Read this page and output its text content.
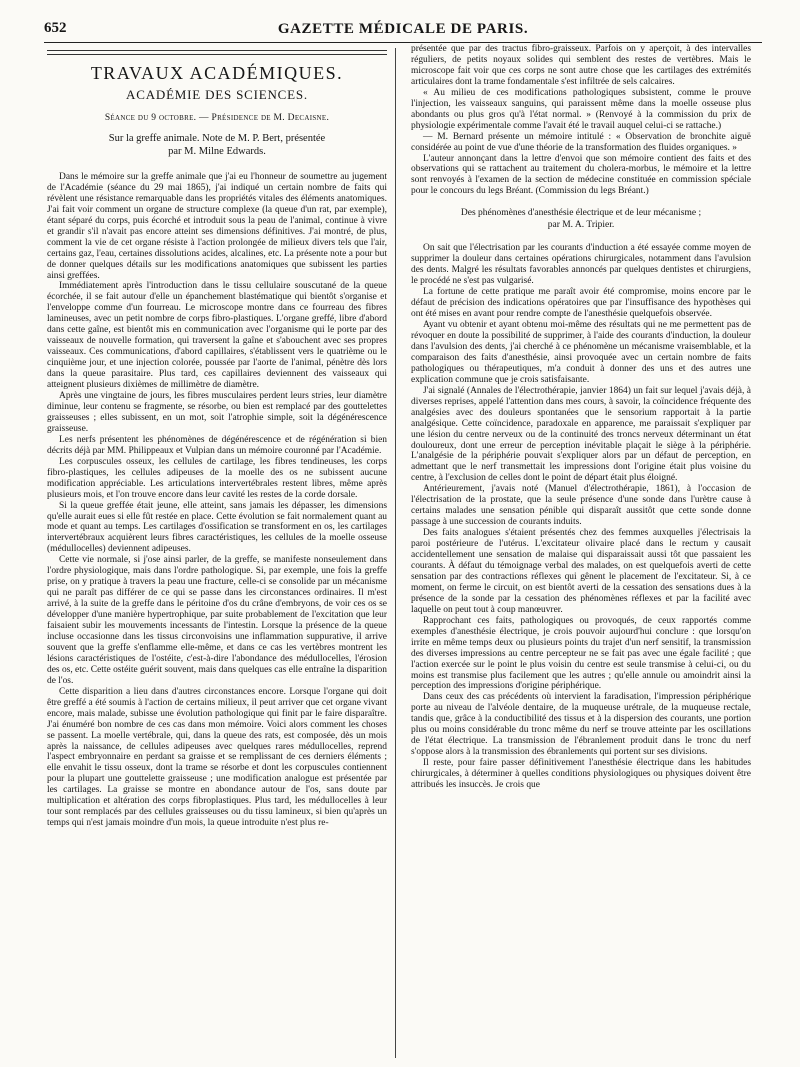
652	GAZETTE MÉDICALE DE PARIS.
TRAVAUX ACADÉMIQUES.
ACADÉMIE DES SCIENCES.
Séance du 9 octobre. — Présidence de M. Decaisne.
Sur la greffe animale. Note de M. P. Bert, présentée
par M. Milne Edwards.

Dans le mémoire sur la greffe animale que j'ai eu l'honneur de soumettre au jugement de l'Académie (séance du 29 mai 1865), j'ai indiqué un certain nombre de faits qui révèlent une résistance remarquable dans les propriétés vitales des éléments anatomiques. J'ai fait voir comment un organe de structure complexe (la queue d'un rat, par exemple), étant séparé du corps, puis écorché et introduit sous la peau de l'animal, continue à vivre et grandir s'il n'avait pas encore atteint ses dimensions définitives. J'ai montré, de plus, comment la vie de cet organe résiste à l'action prolongée de milieux divers tels que l'air, certains gaz, l'eau, certaines dissolutions acides, alcalines, etc. La présente note a pour but de donner quelques détails sur les modifications anatomiques que subissent les parties ainsi greffées.

Immédiatement après l'introduction dans le tissu cellulaire souscutané de la queue écorchée, il se fait autour d'elle un épanchement blastématique qui bientôt s'organise et l'enveloppe comme d'un fourreau. Le microscope montre dans ce fourreau des fibres lamineuses, avec un petit nombre de corps fibro-plastiques. L'organe greffé, libre d'abord dans cette gaîne, est bientôt mis en communication avec l'organisme qui le porte par des vaisseaux de nouvelle formation, qui traversent la gaîne et s'abouchent avec ses propres vaisseaux. Ces communications, d'abord capillaires, s'établissent vers le quatrième ou le cinquième jour, et une injection colorée, poussée par l'aorte de l'animal, pénètre dès lors dans la queue parasitaire. Plus tard, ces capillaires deviennent des vaisseaux qui atteignent plusieurs dixièmes de millimètre de diamètre.

Après une vingtaine de jours, les fibres musculaires perdent leurs stries, leur diamètre diminue, leur contenu se fragmente, se résorbe, ou bien est remplacé par des gouttelettes graisseuses ; elles subissent, en un mot, soit l'atrophie simple, soit la dégénérescence graisseuse.

Les nerfs présentent les phénomènes de dégénérescence et de régénération si bien décrits déjà par MM. Philippeaux et Vulpian dans un mémoire couronné par l'Académie.

Les corpuscules osseux, les cellules de cartilage, les fibres tendineuses, les corps fibro-plastiques, les cellules adipeuses de la moelle des os ne subissent aucune modification appréciable. Les articulations intervertébrales restent libres, même après plusieurs mois, et l'on trouve encore dans leur cavité les restes de la corde dorsale.

Si la queue greffée était jeune, elle atteint, sans jamais les dépasser, les dimensions qu'elle aurait eues si elle fût restée en place. Cette évolution se fait normalement quant au mode et quant au temps. Les cartilages d'ossification se transforment en os, les cartilages intervertébraux acquièrent leurs fibres caractéristiques, les cellules de la moelle osseuse (médullocelles) deviennent adipeuses.

Cette vie normale, si j'ose ainsi parler, de la greffe, se manifeste nonseulement dans l'ordre physiologique, mais dans l'ordre pathologique. Si, par exemple, une fois la greffe prise, on y pratique à travers la peau une fracture, celle-ci se consolide par un mécanisme qui ne paraît pas différer de ce qui se passe dans les circonstances ordinaires. Il m'est arrivé, à la suite de la greffe dans le péritoine d'os du crâne d'embryons, de voir ces os se développer d'une manière hypertrophique, par suite probablement de l'excitation que leur faisaient subir les mouvements incessants de l'intestin. Lorsque la présence de la queue incluse occasionne dans les tissus circonvoisins une inflammation suppurative, il arrive souvent que la greffe s'enflamme elle-même, et dans ce cas les vertèbres montrent les lésions caractéristiques de l'ostéite, c'est-à-dire l'abondance des médullocelles, l'érosion des os, etc. Cette ostéite guérit souvent, mais dans quelques cas elle entraîne la disparition de l'os.

Cette disparition a lieu dans d'autres circonstances encore. Lorsque l'organe qui doit être greffé a été soumis à l'action de certains milieux, il peut arriver que cet organe vivant encore, mais malade, subisse une évolution pathologique qui finit par le faire disparaître. J'ai énuméré bon nombre de ces cas dans mon mémoire. Voici alors comment les choses se passent. La moelle vertébrale, qui, dans la queue des rats, est composée, dès un mois après la naissance, de cellules adipeuses avec quelques rares médullocelles, reprend l'aspect embryonnaire en perdant sa graisse et se remplissant de ces derniers éléments ; elle envahit le tissu osseux, dont la trame se résorbe et dont les corpuscules contiennent pour la plupart une gouttelette graisseuse ; une modification analogue est présentée par les cartilages. La graisse se montre en abondance autour de l'os, sans doute par multiplication et altération des corps fibroplastiques. Plus tard, les médullocelles à leur tour sont remplacés par des cellules graisseuses ou du tissu lamineux, si bien qu'après un temps qui n'est jamais moindre d'un mois, la queue introduite n'est plus re-

présentée que par des tractus fibro-graisseux. Parfois on y aperçoit, à des intervalles réguliers, de petits noyaux solides qui semblent des restes de vertèbres. Mais le microscope fait voir que ces corps ne sont autre chose que les cartilages des extrémités articulaires dont la trame fondamentale s'est infiltrée de sels calcaires.

« Au milieu de ces modifications pathologiques subsistent, comme le prouve l'injection, les vaisseaux sanguins, qui paraissent même dans la moelle osseuse plus abondants ou plus gros qu'à l'état normal. » (Renvoyé à la commission du prix de physiologie expérimentale comme l'avait été le travail auquel celui-ci se rattache.)

— M. Bernard présente un mémoire intitulé : « Observation de bronchite aiguë considérée au point de vue d'une théorie de la transformation des fluides organiques. »

L'auteur annonçant dans la lettre d'envoi que son mémoire contient des faits et des observations qui se rattachent au traitement du cholera-morbus, le mémoire et la lettre sont renvoyés à l'examen de la section de médecine constituée en commission spéciale pour le concours du legs Bréant. (Commission du legs Bréant.)

Des phénomènes d'anesthésie électrique et de leur mécanisme ;
par M. A. Tripier.

On sait que l'électrisation par les courants d'induction a été essayée comme moyen de supprimer la douleur dans certaines opérations chirurgicales, notamment dans l'avulsion des dents. Malgré les résultats favorables annoncés par quelques dentistes et chirurgiens, le procédé ne s'est pas vulgarisé.

La fortune de cette pratique me paraît avoir été compromise, moins encore par le défaut de précision des indications opératoires que par l'insuffisance des hypothèses qui ont été mises en avant pour rendre compte de l'anesthésie quelquefois observée.

Ayant vu obtenir et ayant obtenu moi-même des résultats qui ne me permettent pas de révoquer en doute la possibilité de supprimer, à l'aide des courants d'induction, la douleur dans l'avulsion des dents, j'ai cherché à ce phénomène un mécanisme vraisemblable, et la comparaison des faits d'anesthésie, ainsi provoquée avec un certain nombre de faits pathologiques ou thérapeutiques, m'a conduit à donner des uns et des autres une explication commune que je crois satisfaisante.

J'ai signalé (Annales de l'électrothérapie, janvier 1864) un fait sur lequel j'avais déjà, à diverses reprises, appelé l'attention dans mes cours, à savoir, la coïncidence fréquente des analgésies avec des douleurs spontanées que le sensorium rapportait à la partie analgésique. Cette coïncidence, paradoxale en apparence, me paraissait s'expliquer par une lésion du centre nerveux ou de la continuité des troncs nerveux déterminant un état douloureux, dont une erreur de perception inévitable plaçait le siège à la périphérie. L'analgésie de la périphérie pouvait s'expliquer alors par un défaut de perception, en admettant que le nerf transmettait les impressions dont l'origine était plus voisine du centre, à l'exclusion de celles dont le point de départ était plus éloigné.

Antérieurement, j'avais noté (Manuel d'électrothérapie, 1861), à l'occasion de l'électrisation de la prostate, que la seule présence d'une sonde dans l'urètre cause à certains malades une sensation pénible qui disparaît aussitôt que cette sonde donne passage à une succession de courants induits.

Des faits analogues s'étaient présentés chez des femmes auxquelles j'électrisais la paroi postérieure de l'utérus. L'excitateur olivaire placé dans le rectum y causait accidentellement une sensation de malaise qui disparaissait aussi tôt que passaient les courants. À défaut du témoignage verbal des malades, on est quelquefois averti de cette sensation par des contractions réflexes qui gênent le placement de l'excitateur. Si, à ce moment, on ferme le circuit, on est bientôt averti de la cessation des sensations dues à la présence de la sonde par la cessation des phénomènes réflexes et par la facilité avec laquelle on peut tout à coup manœuvrer.

Rapprochant ces faits, pathologiques ou provoqués, de ceux rapportés comme exemples d'anesthésie électrique, je crois pouvoir aujourd'hui conclure : que lorsqu'on irrite en même temps deux ou plusieurs points du trajet d'un nerf sensitif, la transmission des diverses impressions au centre percepteur ne se fait pas avec une égale facilité ; que l'action exercée sur le point le plus voisin du centre est seule transmise à celui-ci, ou du moins est transmise plus facilement que les autres ; qu'elle annule ou amoindrit ainsi la perception des impressions d'origine périphérique.

Dans ceux des cas précédents où intervient la faradisation, l'impression périphérique porte au niveau de l'alvéole dentaire, de la muqueuse urétrale, de la muqueuse rectale, tandis que, grâce à la conductibilité des tissus et à la dispersion des courants, une portion plus ou moins considérable du tronc même du nerf se trouve atteinte par les oscillations de l'état électrique. La transmission de l'ébranlement produit dans le tronc du nerf s'oppose alors à la transmission des ébranlements qui portent sur ses divisions.

Il reste, pour faire passer définitivement l'anesthésie électrique dans les habitudes chirurgicales, à déterminer à quelles conditions physiologiques ou physiques doivent être attribués les insuccès. Je crois que
